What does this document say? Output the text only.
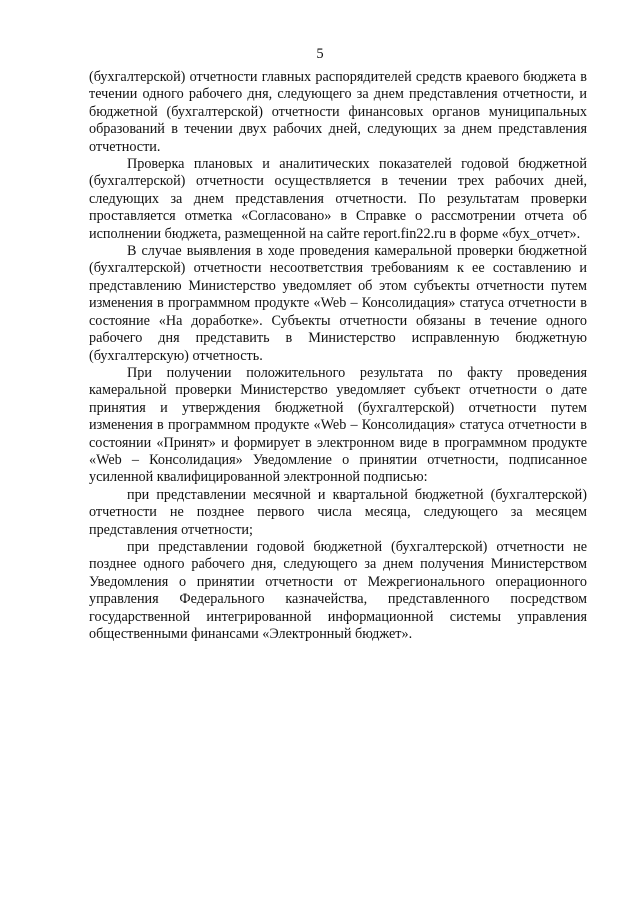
5

(бухгалтерской) отчетности главных распорядителей средств краевого бюджета в течении одного рабочего дня, следующего за днем представления отчетности, и бюджетной (бухгалтерской) отчетности финансовых органов муниципальных образований в течении двух рабочих дней, следующих за днем представления отчетности.

Проверка плановых и аналитических показателей годовой бюджетной (бухгалтерской) отчетности осуществляется в течении трех рабочих дней, следующих за днем представления отчетности. По результатам проверки проставляется отметка «Согласовано» в Справке о рассмотрении отчета об исполнении бюджета, размещенной на сайте report.fin22.ru в форме «бух_отчет».

В случае выявления в ходе проведения камеральной проверки бюджетной (бухгалтерской) отчетности несоответствия требованиям к ее составлению и представлению Министерство уведомляет об этом субъекты отчетности путем изменения в программном продукте «Web – Консолидация» статуса отчетности в состояние «На доработке». Субъекты отчетности обязаны в течение одного рабочего дня представить в Министерство исправленную бюджетную (бухгалтерскую) отчетность.

При получении положительного результата по факту проведения камеральной проверки Министерство уведомляет субъект отчетности о дате принятия и утверждения бюджетной (бухгалтерской) отчетности путем изменения в программном продукте «Web – Консолидация» статуса отчетности в состоянии «Принят» и формирует в электронном виде в программном продукте «Web – Консолидация» Уведомление о принятии отчетности, подписанное усиленной квалифицированной электронной подписью:

при представлении месячной и квартальной бюджетной (бухгалтерской) отчетности не позднее первого числа месяца, следующего за месяцем представления отчетности;

при представлении годовой бюджетной (бухгалтерской) отчетности не позднее одного рабочего дня, следующего за днем получения Министерством Уведомления о принятии отчетности от Межрегионального операционного управления Федерального казначейства, представленного посредством государственной интегрированной информационной системы управления общественными финансами «Электронный бюджет».
